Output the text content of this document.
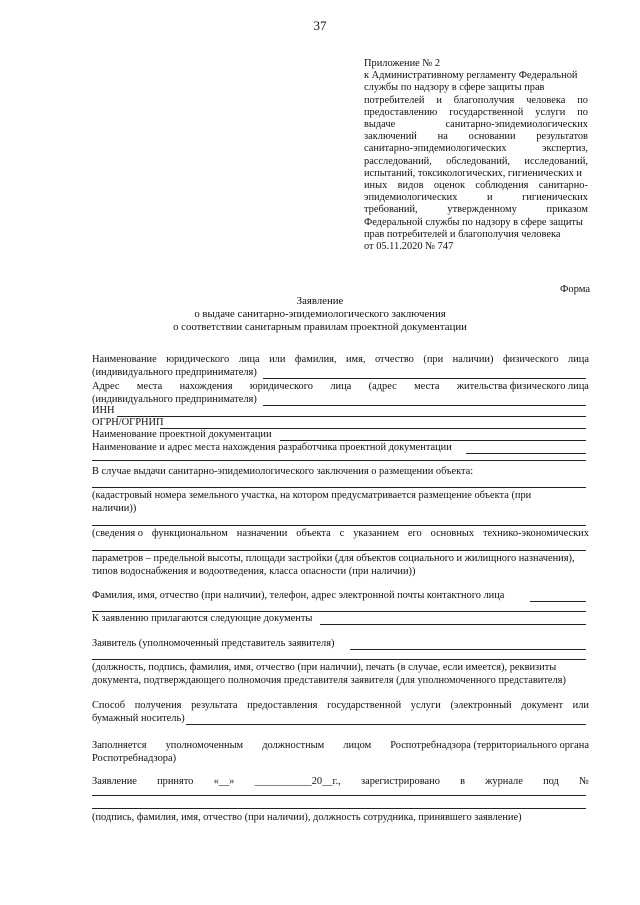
37
Приложение № 2
к Административному регламенту Федеральной
службы по надзору в сфере защиты прав
потребителей и благополучия человека по
предоставлению государственной услуги по
выдаче	санитарно-эпидемиологических
заключений на основании результатов
санитарно-эпидемиологических	экспертиз,
расследований, обследований, исследований,
испытаний, токсикологических, гигиенических и
иных видов оценок соблюдения санитарно-
эпидемиологических	и	гигиенических
требований,	утвержденному	приказом
Федеральной службы по надзору в сфере защиты
прав потребителей и благополучия человека
от 05.11.2020 № 747
Форма
Заявление
о выдаче санитарно-эпидемиологического заключения
о соответствии санитарным правилам проектной документации
Наименование юридического лица или фамилия, имя, отчество (при наличии) физического лица
(индивидуального предпринимателя)
Адрес места нахождения юридического лица (адрес места жительства физического лица
(индивидуального предпринимателя)
ИНН
ОГРН/ОГРНИП
Наименование проектной документации
Наименование и адрес места нахождения разработчика проектной документации
В случае выдачи санитарно-эпидемиологического заключения о размещении объекта:
(кадастровый номера земельного участка, на котором предусматривается размещение объекта (при
наличии))
(сведения о функциональном назначении объекта с указанием его основных технико-экономических
параметров – предельной высоты, площади застройки (для объектов социального и жилищного назначения),
типов водоснабжения и водоотведения, класса опасности (при наличии))
Фамилия, имя, отчество (при наличии), телефон, адрес электронной почты контактного лица
К заявлению прилагаются следующие документы
Заявитель (уполномоченный представитель заявителя)
(должность, подпись, фамилия, имя, отчество (при наличии), печать (в случае, если имеется), реквизиты
документа, подтверждающего полномочия представителя заявителя (для уполномоченного представителя)
Способ получения результата предоставления государственной услуги (электронный документ или
бумажный носитель)
Заполняется уполномоченным должностным лицом Роспотребнадзора (территориального органа
Роспотребнадзора)
Заявление принято «__» ___________20__г., зарегистрировано в журнале под №
(подпись, фамилия, имя, отчество (при наличии), должность сотрудника, принявшего заявление)
